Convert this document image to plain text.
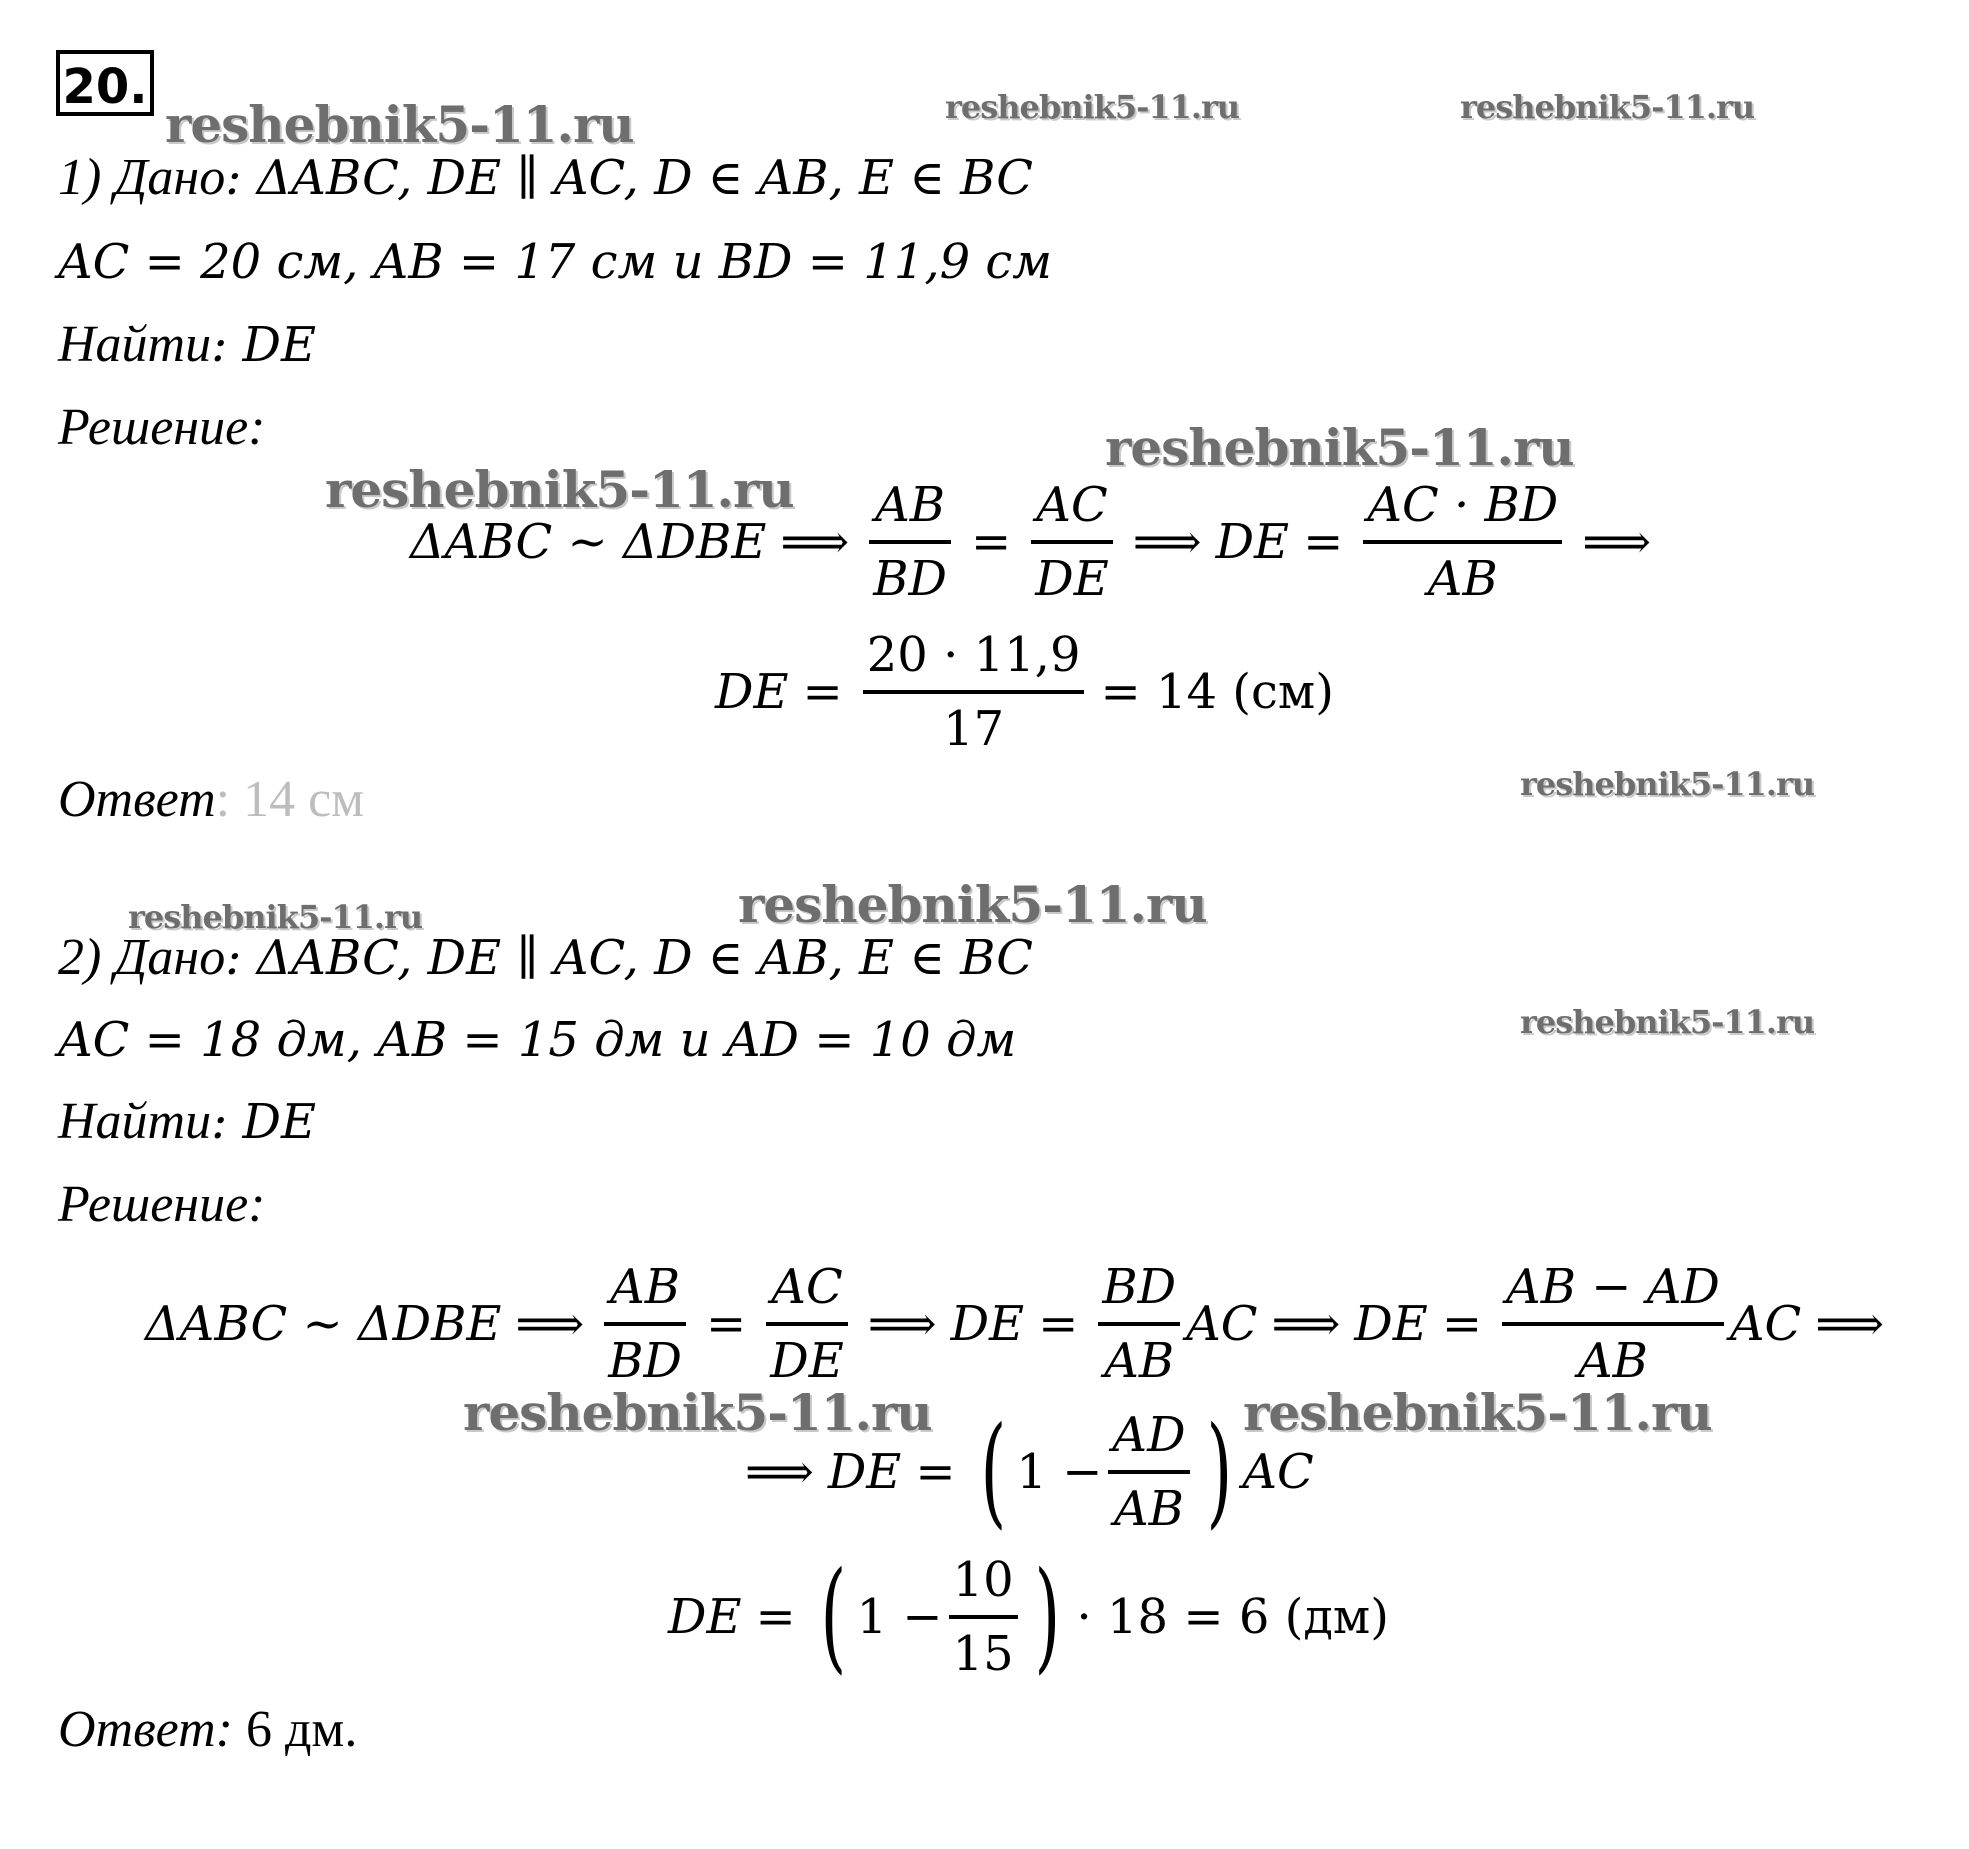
20.
reshebnik5-11.ru	reshebnik5-11.ru	reshebnik5-11.ru
reshebnik5-11.ru
reshebnik5-11.ru
reshebnik5-11.ru
reshebnik5-11.ru	reshebnik5-11.ru
reshebnik5-11.ru
reshebnik5-11.ru	reshebnik5-11.ru
1) Дано: ΔABC, DE ∥ AC, D ∈ AB, E ∈ BC
AC = 20 см, AB = 17 см и BD = 11,9 см
Найти: DE
Решение:
ΔABC ~ ΔDBE ⟹ $\frac{AB}{BD} = \frac{AC}{DE}$ ⟹ DE = $\frac{AC \cdot BD}{AB}$ ⟹
DE = $\frac{20 \cdot 11,9}{17} = 14$ (см)
Ответ: 14 см
2) Дано: ΔABC, DE ∥ AC, D ∈ AB, E ∈ BC
AC = 18 дм, AB = 15 дм и AD = 10 дм
Найти: DE
Решение:
ΔABC ~ ΔDBE ⟹ $\frac{AB}{BD} = \frac{AC}{DE}$ ⟹ DE = $\frac{BD}{AB}$ AC ⟹ DE = $\frac{AB - AD}{AB}$ AC ⟹
⟹ DE = ( $1 - \frac{AD}{AB}$ ) AC
DE = ( $1 - \frac{10}{15}$ ) · 18 = 6 (дм)
Ответ: 6 дм.
